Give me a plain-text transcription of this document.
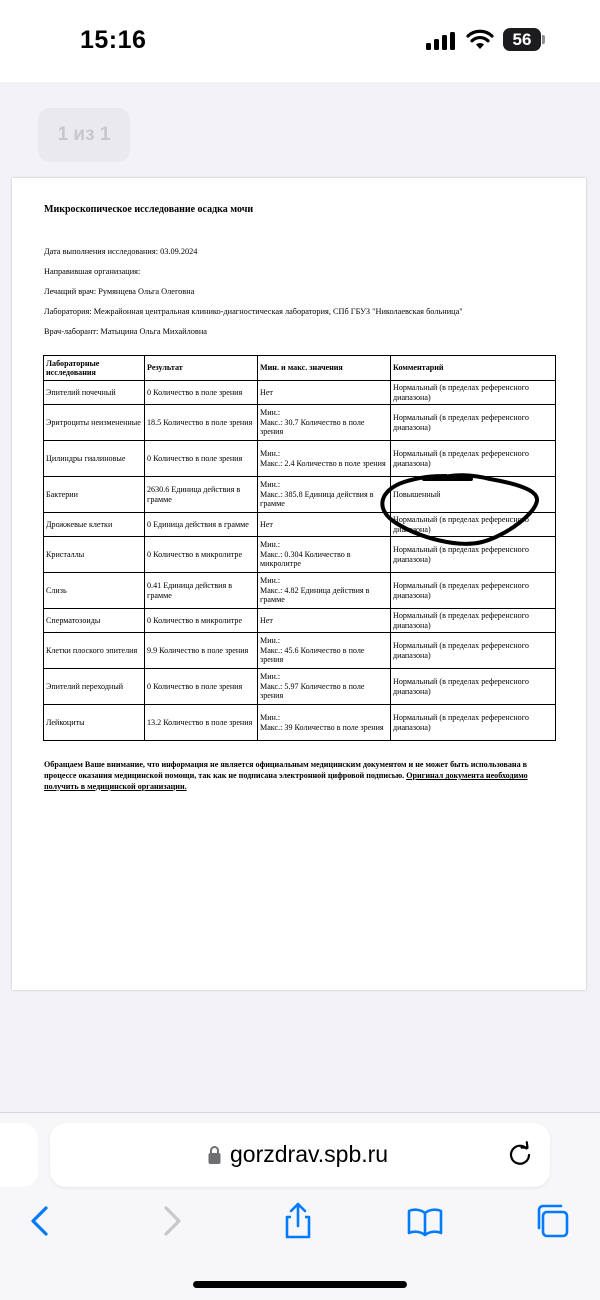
15:16	56
1 из 1
Микроскопическое исследование осадка мочи
Дата выполнения исследования: 03.09.2024
Направившая организация:
Лечащий врач: Румянцева Ольга Олеговна
Лаборатория: Межрайонная центральная клинико-диагностическая лаборатория, СПб ГБУЗ "Николаевская больница"
Врач-лаборант: Матыцина Ольга Михайловна
Лабораторные исследования	Результат	Мин. и макс. значения	Комментарий
Эпителий почечный	0 Количество в поле зрения	Нет	Нормальный (в пределах референсного диапазона)
Эритроциты неизмененные	18.5 Количество в поле зрения	Мин.:
Макс.: 30.7 Количество в поле зрения	Нормальный (в пределах референсного диапазона)
Цилиндры гиалиновые	0 Количество в поле зрения	Мин.:
Макс.: 2.4 Количество в поле зрения	Нормальный (в пределах референсного диапазона)
Бактерии	2630.6 Единица действия в грамме	Мин.:
Макс.: 385.8 Единица действия в грамме	Повышенный
Дрожжевые клетки	0 Единица действия в грамме	Нет	Нормальный (в пределах референсного диапазона)
Кристаллы	0 Количество в микролитре	Мин.:
Макс.: 0.304 Количество в микролитре	Нормальный (в пределах референсного диапазона)
Слизь	0.41 Единица действия в грамме	Мин.:
Макс.: 4.82 Единица действия в грамме	Нормальный (в пределах референсного диапазона)
Сперматозоиды	0 Количество в микролитре	Нет	Нормальный (в пределах референсного диапазона)
Клетки плоского эпителия	9.9 Количество в поле зрения	Мин.:
Макс.: 45.6 Количество в поле зрения	Нормальный (в пределах референсного диапазона)
Эпителий переходный	0 Количество в поле зрения	Мин.:
Макс.: 5.97 Количество в поле зрения	Нормальный (в пределах референсного диапазона)
Лейкоциты	13.2 Количество в поле зрения	Мин.:
Макс.: 39 Количество в поле зрения	Нормальный (в пределах референсного диапазона)
Обращаем Ваше внимание, что информация не является официальным медицинским документом и не может быть использована в процессе оказания медицинской помощи, так как не подписана электронной цифровой подписью. Оригинал документа необходимо получить в медицинской организации.
gorzdrav.spb.ru
